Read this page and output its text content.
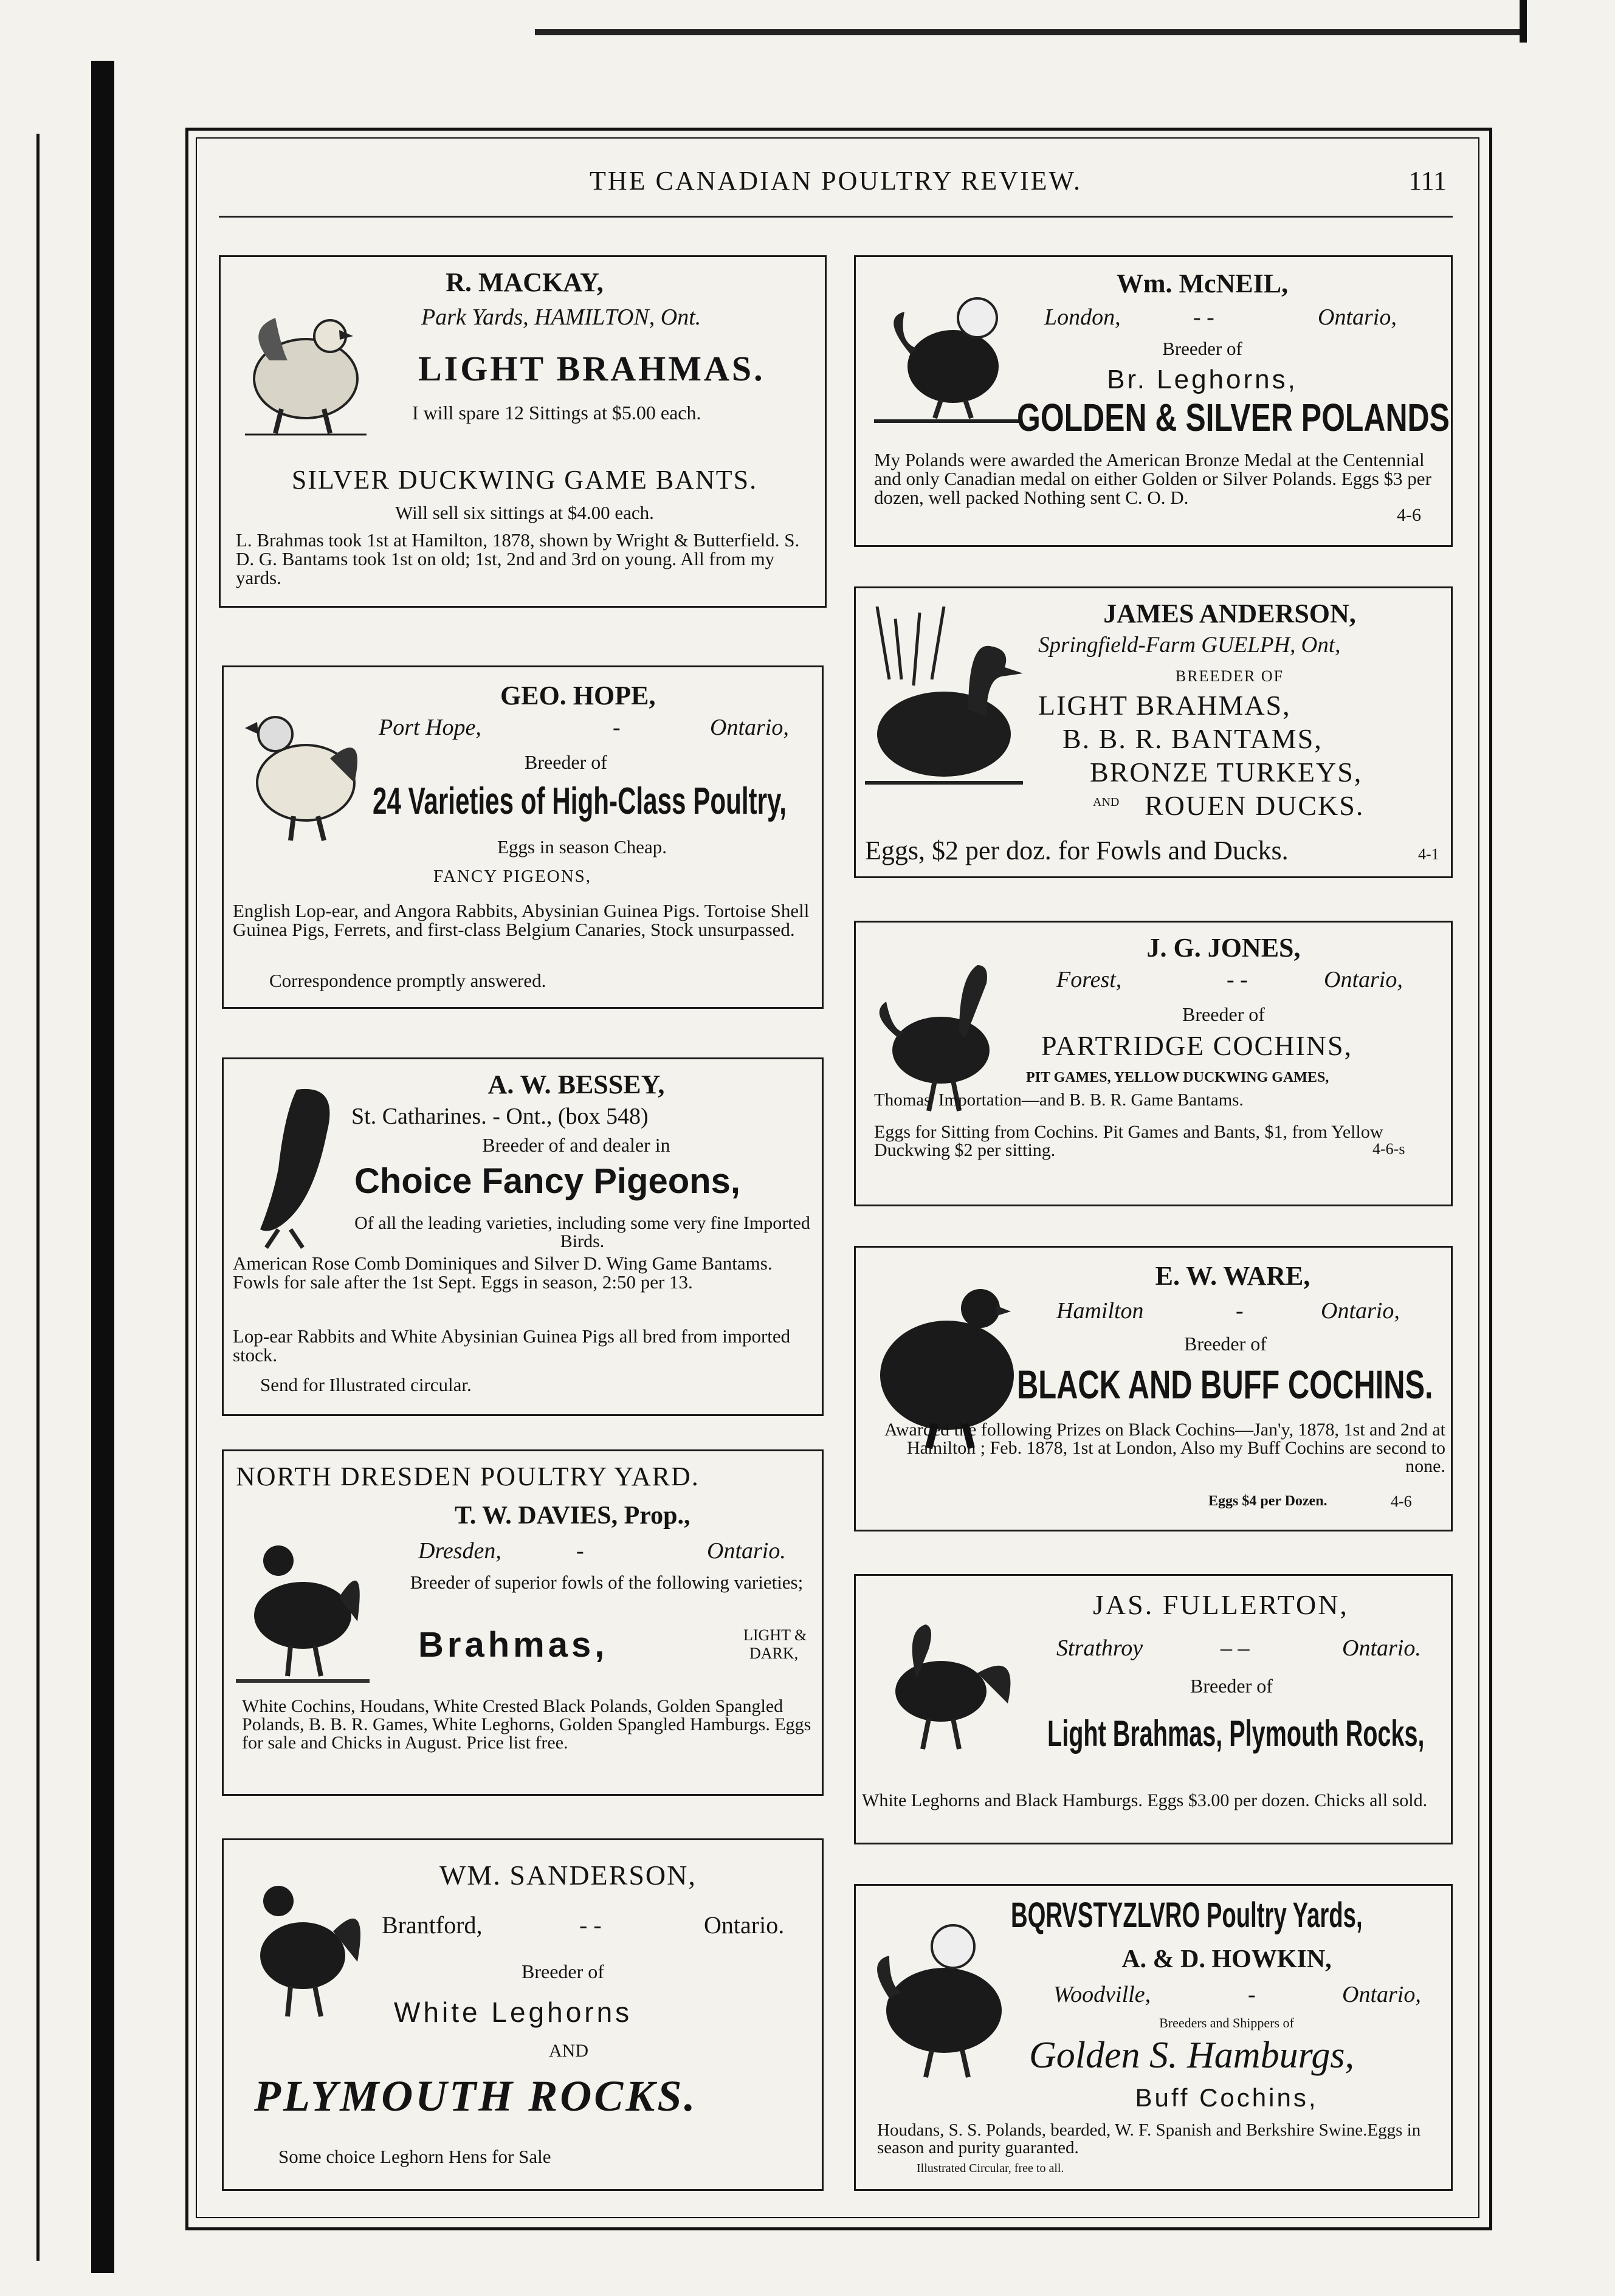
THE CANADIAN POULTRY REVIEW.	111
R. MACKAY,
Park Yards, HAMILTON, Ont.
LIGHT BRAHMAS.
I will spare 12 Sittings at $5.00 each.
SILVER DUCKWING GAME BANTS.
Will sell six sittings at $4.00 each.
L. Brahmas took 1st at Hamilton, 1878, shown by Wright & Butterfield. S. D. G. Bantams took 1st on old; 1st, 2nd and 3rd on young. All from my yards.
Wm. McNEIL,
London,	- -	Ontario,
Breeder of
Br. Leghorns,
GOLDEN & SILVER POLANDS
My Polands were awarded the American Bronze Medal at the Centennial and only Canadian medal on either Golden or Silver Polands. Eggs $3 per dozen, well packed Nothing sent C. O. D.
4-6
GEO. HOPE,
Port Hope,	-	Ontario,
Breeder of
24 Varieties of High-Class Poultry,
Eggs in season Cheap.
FANCY PIGEONS,
English Lop-ear, and Angora Rabbits, Abysinian Guinea Pigs. Tortoise Shell Guinea Pigs, Ferrets, and first-class Belgium Canaries, Stock unsurpassed.
Correspondence promptly answered.
JAMES ANDERSON,
Springfield-Farm GUELPH, Ont,
BREEDER OF
LIGHT BRAHMAS,
B. B. R. BANTAMS,
BRONZE TURKEYS,
AND ROUEN DUCKS.
Eggs, $2 per doz. for Fowls and Ducks.	4-1
J. G. JONES,
Forest,	- -	Ontario,
Breeder of
PARTRIDGE COCHINS,
PIT GAMES, YELLOW DUCKWING GAMES,
Thomas' Importation—and B. B. R. Game Bantams.
Eggs for Sitting from Cochins. Pit Games and Bants, $1, from Yellow Duckwing $2 per sitting.	4-6-s
A. W. BESSEY,
St. Catharines. - Ont., (box 548)
Breeder of and dealer in
Choice Fancy Pigeons,
Of all the leading varieties, including some very fine Imported Birds.
American Rose Comb Dominiques and Silver D. Wing Game Bantams. Fowls for sale after the 1st Sept. Eggs in season, 2:50 per 13.
Lop-ear Rabbits and White Abysinian Guinea Pigs all bred from imported stock.
Send for Illustrated circular.
E. W. WARE,
Hamilton	-	Ontario,
Breeder of
BLACK AND BUFF COCHINS.
Awarded the following Prizes on Black Cochins—Jan'y, 1878, 1st and 2nd at Hamilton ; Feb. 1878, 1st at London, Also my Buff Cochins are second to none.
Eggs $4 per Dozen.	4-6
NORTH DRESDEN POULTRY YARD.
T. W. DAVIES, Prop.,
Dresden,	-	Ontario.
Breeder of superior fowls of the following varieties;
Brahmas,	LIGHT &
DARK,
White Cochins, Houdans, White Crested Black Polands, Golden Spangled Polands, B. B. R. Games, White Leghorns, Golden Spangled Hamburgs. Eggs for sale and Chicks in August. Price list free.
JAS. FULLERTON,
Strathroy	– –	Ontario.
Breeder of
Light Brahmas, Plymouth Rocks,
White Leghorns and Black Hamburgs. Eggs $3.00 per dozen. Chicks all sold.
WM. SANDERSON,
Brantford,	- -	Ontario.
Breeder of
White Leghorns
AND
PLYMOUTH ROCKS.
Some choice Leghorn Hens for Sale
BQRVSTYZLVRO Poultry Yards,
A. & D. HOWKIN,
Woodville,	-	Ontario,
Breeders and Shippers of
Golden S. Hamburgs,
Buff Cochins,
Houdans, S. S. Polands, bearded, W. F. Spanish and Berkshire Swine.Eggs in season and purity guaranted.
Illustrated Circular, free to all.
